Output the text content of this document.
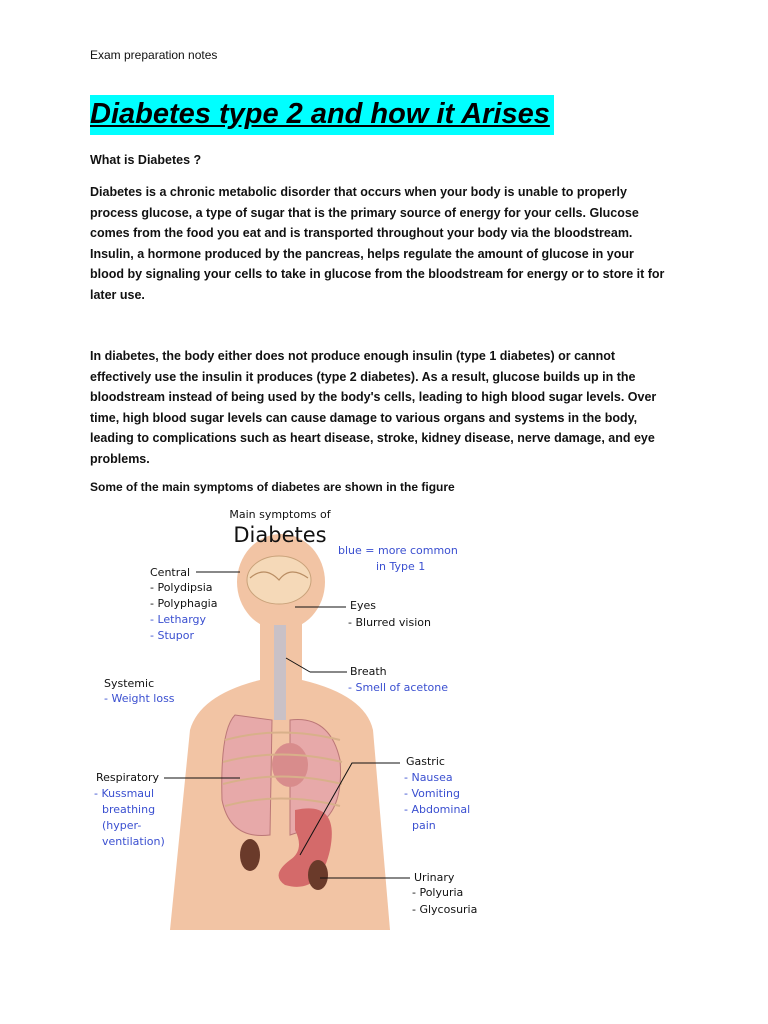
Exam preparation notes
Diabetes type 2 and how it Arises
What is Diabetes ?
Diabetes is a chronic metabolic disorder that occurs when your body is unable to properly process glucose, a type of sugar that is the primary source of energy for your cells. Glucose comes from the food you eat and is transported throughout your body via the bloodstream. Insulin, a hormone produced by the pancreas, helps regulate the amount of glucose in your blood by signaling your cells to take in glucose from the bloodstream for energy or to store it for later use.
In diabetes, the body either does not produce enough insulin (type 1 diabetes) or cannot effectively use the insulin it produces (type 2 diabetes). As a result, glucose builds up in the bloodstream instead of being used by the body's cells, leading to high blood sugar levels. Over time, high blood sugar levels can cause damage to various organs and systems in the body, leading to complications such as heart disease, stroke, kidney disease, nerve damage, and eye problems.
Some of the main symptoms of diabetes are shown in the figure
Main symptoms of
Diabetes
blue = more common
in Type 1
Central
- Polydipsia
- Polyphagia
- Lethargy
- Stupor
Eyes
- Blurred vision
Breath
- Smell of acetone
Systemic
- Weight loss
Respiratory
- Kussmaul
breathing
(hyper-
ventilation)
Gastric
- Nausea
- Vomiting
- Abdominal
pain
Urinary
- Polyuria
- Glycosuria
